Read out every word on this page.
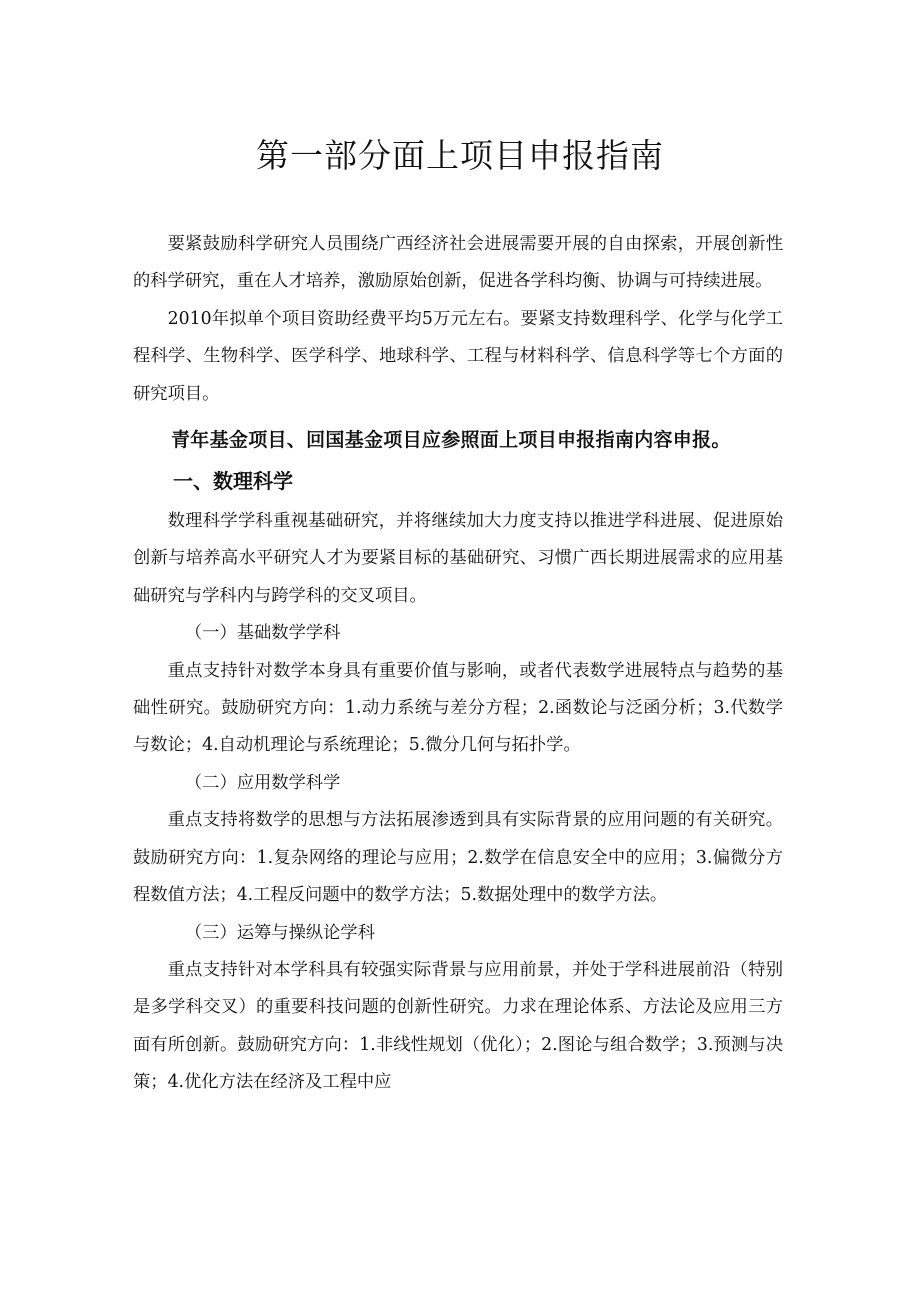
第一部分面上项目申报指南

要紧鼓励科学研究人员围绕广西经济社会进展需要开展的自由探索，开展创新性的科学研究，重在人才培养，激励原始创新，促进各学科均衡、协调与可持续进展。

2010年拟单个项目资助经费平均5万元左右。要紧支持数理科学、化学与化学工程科学、生物科学、医学科学、地球科学、工程与材料科学、信息科学等七个方面的研究项目。

青年基金项目、回国基金项目应参照面上项目申报指南内容申报。

一、数理科学

数理科学学科重视基础研究，并将继续加大力度支持以推进学科进展、促进原始创新与培养高水平研究人才为要紧目标的基础研究、习惯广西长期进展需求的应用基础研究与学科内与跨学科的交叉项目。

（一）基础数学学科

重点支持针对数学本身具有重要价值与影响，或者代表数学进展特点与趋势的基础性研究。鼓励研究方向：1.动力系统与差分方程；2.函数论与泛函分析；3.代数学与数论；4.自动机理论与系统理论；5.微分几何与拓扑学。

（二）应用数学科学

重点支持将数学的思想与方法拓展渗透到具有实际背景的应用问题的有关研究。鼓励研究方向：1.复杂网络的理论与应用；2.数学在信息安全中的应用；3.偏微分方程数值方法；4.工程反问题中的数学方法；5.数据处理中的数学方法。

（三）运筹与操纵论学科

重点支持针对本学科具有较强实际背景与应用前景，并处于学科进展前沿（特别是多学科交叉）的重要科技问题的创新性研究。力求在理论体系、方法论及应用三方面有所创新。鼓励研究方向：1.非线性规划（优化）；2.图论与组合数学；3.预测与决策；4.优化方法在经济及工程中应
